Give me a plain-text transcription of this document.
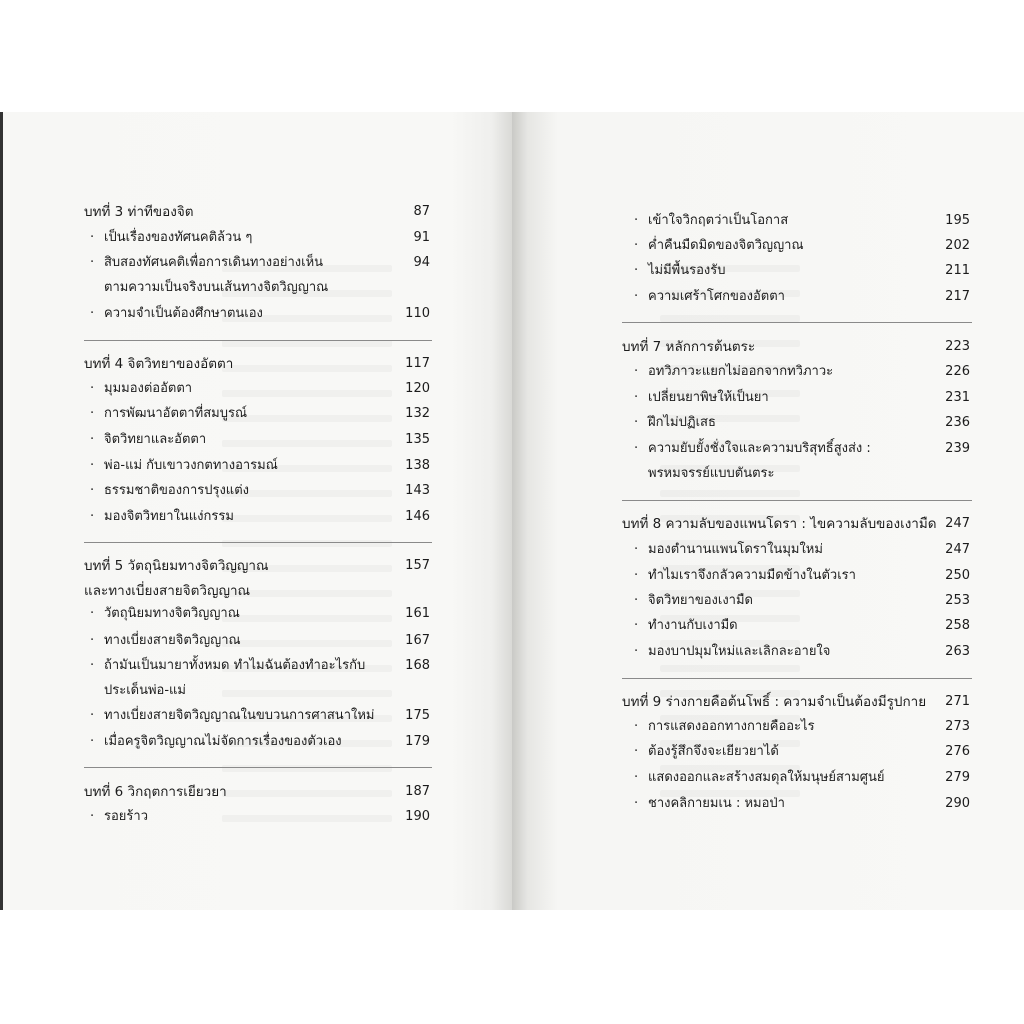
บทที่ 3 ท่าทีของจิต	87
· เป็นเรื่องของทัศนคติล้วน ๆ	91
· สิบสองทัศนคติเพื่อการเดินทางอย่างเห็น	94
ตามความเป็นจริงบนเส้นทางจิตวิญญาณ
· ความจำเป็นต้องศึกษาตนเอง	110
บทที่ 4 จิตวิทยาของอัตตา	117
· มุมมองต่ออัตตา	120
· การพัฒนาอัตตาที่สมบูรณ์	132
· จิตวิทยาและอัตตา	135
· พ่อ-แม่ กับเขาวงกตทางอารมณ์	138
· ธรรมชาติของการปรุงแต่ง	143
· มองจิตวิทยาในแง่กรรม	146
บทที่ 5 วัตถุนิยมทางจิตวิญญาณ	157
และทางเบี่ยงสายจิตวิญญาณ
· วัตถุนิยมทางจิตวิญญาณ	161
· ทางเบี่ยงสายจิตวิญญาณ	167
· ถ้ามันเป็นมายาทั้งหมด ทำไมฉันต้องทำอะไรกับ	168
ประเด็นพ่อ-แม่
· ทางเบี่ยงสายจิตวิญญาณในขบวนการศาสนาใหม่ 175
· เมื่อครูจิตวิญญาณไม่จัดการเรื่องของตัวเอง	179
บทที่ 6 วิกฤตการเยียวยา	187
· รอยร้าว	190
· เข้าใจวิกฤตว่าเป็นโอกาส	195
· ค่ำคืนมืดมิดของจิตวิญญาณ	202
· ไม่มีพื้นรองรับ	211
· ความเศร้าโศกของอัตตา	217
บทที่ 7 หลักการต้นตระ	223
· อทวิภาวะแยกไม่ออกจากทวิภาวะ	226
· เปลี่ยนยาพิษให้เป็นยา	231
· ฝึกไม่ปฏิเสธ	236
· ความยับยั้งชั่งใจและความบริสุทธิ์สูงส่ง :	239
พรหมจรรย์แบบตันตระ
บทที่ 8 ความลับของแพนโดรา : ไขความลับของเงามืด 247
· มองตำนานแพนโดราในมุมใหม่	247
· ทำไมเราจึงกลัวความมืดข้างในตัวเรา	250
· จิตวิทยาของเงามืด	253
· ทำงานกับเงามืด	258
· มองบาปมุมใหม่และเลิกละอายใจ	263
บทที่ 9 ร่างกายคือต้นโพธิ์ : ความจำเป็นต้องมีรูปกาย 271
· การแสดงออกทางกายคืออะไร	273
· ต้องรู้สึกจึงจะเยียวยาได้	276
· แสดงออกและสร้างสมดุลให้มนุษย์สามศูนย์	279
· ชางคลิกายมเน : หมอป่า	290
